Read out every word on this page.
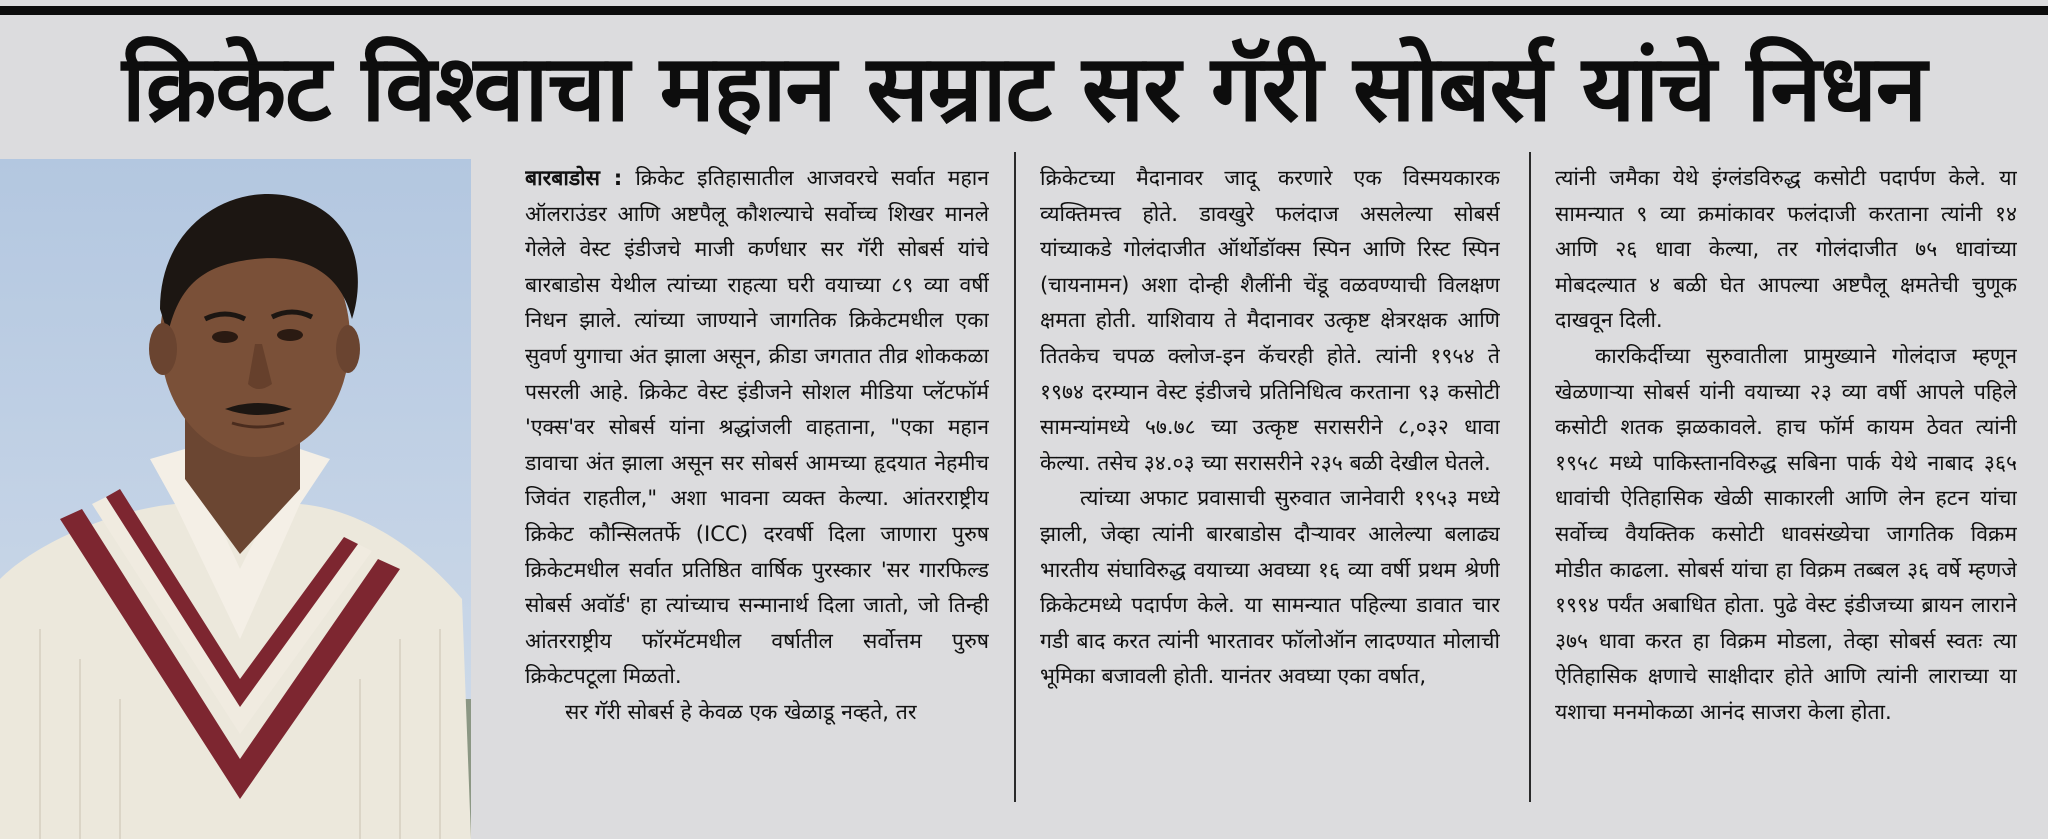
क्रिकेट विश्वाचा महान सम्राट सर गॅरी सोबर्स यांचे निधन

बारबाडोस : क्रिकेट इतिहासातील आजवरचे सर्वात महान ऑलराउंडर आणि अष्टपैलू कौशल्याचे सर्वोच्च शिखर मानले गेलेले वेस्ट इंडीजचे माजी कर्णधार सर गॅरी सोबर्स यांचे बारबाडोस येथील त्यांच्या राहत्या घरी वयाच्या ८९ व्या वर्षी निधन झाले. त्यांच्या जाण्याने जागतिक क्रिकेटमधील एका सुवर्ण युगाचा अंत झाला असून, क्रीडा जगतात तीव्र शोककळा पसरली आहे. क्रिकेट वेस्ट इंडीजने सोशल मीडिया प्लॅटफॉर्म 'एक्स'वर सोबर्स यांना श्रद्धांजली वाहताना, "एका महान डावाचा अंत झाला असून सर सोबर्स आमच्या हृदयात नेहमीच जिवंत राहतील," अशा भावना व्यक्त केल्या. आंतरराष्ट्रीय क्रिकेट कौन्सिलतर्फे (ICC) दरवर्षी दिला जाणारा पुरुष क्रिकेटमधील सर्वात प्रतिष्ठित वार्षिक पुरस्कार 'सर गारफिल्ड सोबर्स अवॉर्ड' हा त्यांच्याच सन्मानार्थ दिला जातो, जो तिन्ही आंतरराष्ट्रीय फॉरमॅटमधील वर्षातील सर्वोत्तम पुरुष क्रिकेटपटूला मिळतो.

सर गॅरी सोबर्स हे केवळ एक खेळाडू नव्हते, तर

क्रिकेटच्या मैदानावर जादू करणारे एक विस्मयकारक व्यक्तिमत्त्व होते. डावखुरे फलंदाज असलेल्या सोबर्स यांच्याकडे गोलंदाजीत ऑर्थोडॉक्स स्पिन आणि रिस्ट स्पिन (चायनामन) अशा दोन्ही शैलींनी चेंडू वळवण्याची विलक्षण क्षमता होती. याशिवाय ते मैदानावर उत्कृष्ट क्षेत्ररक्षक आणि तितकेच चपळ क्लोज-इन कॅचरही होते. त्यांनी १९५४ ते १९७४ दरम्यान वेस्ट इंडीजचे प्रतिनिधित्व करताना ९३ कसोटी सामन्यांमध्ये ५७.७८ च्या उत्कृष्ट सरासरीने ८,०३२ धावा केल्या. तसेच ३४.०३ च्या सरासरीने २३५ बळी देखील घेतले.

त्यांच्या अफाट प्रवासाची सुरुवात जानेवारी १९५३ मध्ये झाली, जेव्हा त्यांनी बारबाडोस दौऱ्यावर आलेल्या बलाढ्य भारतीय संघाविरुद्ध वयाच्या अवघ्या १६ व्या वर्षी प्रथम श्रेणी क्रिकेटमध्ये पदार्पण केले. या सामन्यात पहिल्या डावात चार गडी बाद करत त्यांनी भारतावर फॉलोऑन लादण्यात मोलाची भूमिका बजावली होती. यानंतर अवघ्या एका वर्षात,

त्यांनी जमैका येथे इंग्लंडविरुद्ध कसोटी पदार्पण केले. या सामन्यात ९ व्या क्रमांकावर फलंदाजी करताना त्यांनी १४ आणि २६ धावा केल्या, तर गोलंदाजीत ७५ धावांच्या मोबदल्यात ४ बळी घेत आपल्या अष्टपैलू क्षमतेची चुणूक दाखवून दिली.

कारकिर्दीच्या सुरुवातीला प्रामुख्याने गोलंदाज म्हणून खेळणाऱ्या सोबर्स यांनी वयाच्या २३ व्या वर्षी आपले पहिले कसोटी शतक झळकावले. हाच फॉर्म कायम ठेवत त्यांनी १९५८ मध्ये पाकिस्तानविरुद्ध सबिना पार्क येथे नाबाद ३६५ धावांची ऐतिहासिक खेळी साकारली आणि लेन हटन यांचा सर्वोच्च वैयक्तिक कसोटी धावसंख्येचा जागतिक विक्रम मोडीत काढला. सोबर्स यांचा हा विक्रम तब्बल ३६ वर्षे म्हणजे १९९४ पर्यंत अबाधित होता. पुढे वेस्ट इंडीजच्या ब्रायन लाराने ३७५ धावा करत हा विक्रम मोडला, तेव्हा सोबर्स स्वतः त्या ऐतिहासिक क्षणाचे साक्षीदार होते आणि त्यांनी लाराच्या या यशाचा मनमोकळा आनंद साजरा केला होता.
